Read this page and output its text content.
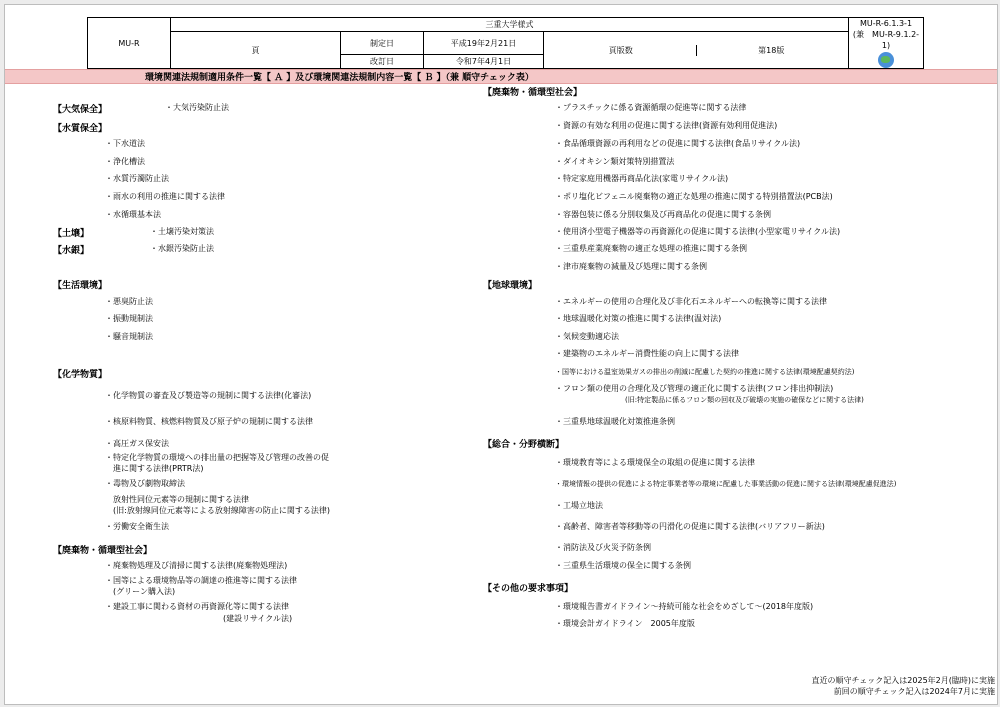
MU-R	三重大学様式				MU-R-6.1.3-1
(兼　MU-R-9.1.2-1)

	頁	制定日	平成19年2月21日	頁版数 第18版	

		改訂日	令和7年4月1日		
環境関連法規制適用条件一覧【 Ａ 】及び環境関連法規制内容一覧【 Ｂ 】（兼 順守チェック表）
【大気保全】	・大気汚染防止法
【水質保全】
・下水道法
・浄化槽法
・水質汚濁防止法
・雨水の利用の推進に関する法律
・水循環基本法
【土壌】	・土壌汚染対策法
【水銀】	・水銀汚染防止法
【生活環境】
・悪臭防止法
・振動規制法
・騒音規制法
【化学物質】
・化学物質の審査及び製造等の規制に関する法律(化審法)
・核原料物質、核燃料物質及び原子炉の規制に関する法律
・高圧ガス保安法
・特定化学物質の環境への排出量の把握等及び管理の改善の促
　進に関する法律(PRTR法)
・毒物及び劇物取締法
　放射性同位元素等の規制に関する法律
　(旧:放射線同位元素等による放射線障害の防止に関する法律)
・労働安全衛生法
【廃棄物・循環型社会】
・廃棄物処理及び清掃に関する法律(廃棄物処理法)
・国等による環境物品等の調達の推進等に関する法律
　(グリーン購入法)
・建設工事に関わる資材の再資源化等に関する法律
(建設リサイクル法)
【廃棄物・循環型社会】
・プラスチックに係る資源循環の促進等に関する法律
・資源の有効な利用の促進に関する法律(資源有効利用促進法)
・食品循環資源の再利用などの促進に関する法律(食品リサイクル法)
・ダイオキシン類対策特別措置法
・特定家庭用機器再商品化法(家電リサイクル法)
・ポリ塩化ビフェニル廃棄物の適正な処理の推進に関する特別措置法(PCB法)
・容器包装に係る分別収集及び再商品化の促進に関する条例
・使用済小型電子機器等の再資源化の促進に関する法律(小型家電リサイクル法)
・三重県産業廃棄物の適正な処理の推進に関する条例
・津市廃棄物の減量及び処理に関する条例
【地球環境】
・エネルギーの使用の合理化及び非化石エネルギーへの転換等に関する法律
・地球温暖化対策の推進に関する法律(温対法)
・気候変動適応法
・建築物のエネルギー消費性能の向上に関する法律
・国等における温室効果ガスの排出の削減に配慮した契約の推進に関する法律(環境配慮契約法)
・フロン類の使用の合理化及び管理の適正化に関する法律(フロン排出抑制法)
(旧:特定製品に係るフロン類の回収及び破壊の実施の確保などに関する法律)
・三重県地球温暖化対策推進条例
【総合・分野横断】
・環境教育等による環境保全の取組の促進に関する法律
・環境情報の提供の促進による特定事業者等の環境に配慮した事業活動の促進に関する法律(環境配慮促進法)
・工場立地法
・高齢者、障害者等移動等の円滑化の促進に関する法律(バリアフリー新法)
・消防法及び火災予防条例
・三重県生活環境の保全に関する条例
【その他の要求事項】
・環境報告書ガイドライン～持続可能な社会をめざして～(2018年度版)
・環境会計ガイドライン　2005年度版
直近の順守チェック記入は2025年2月(臨時)に実施
前回の順守チェック記入は2024年7月に実施
